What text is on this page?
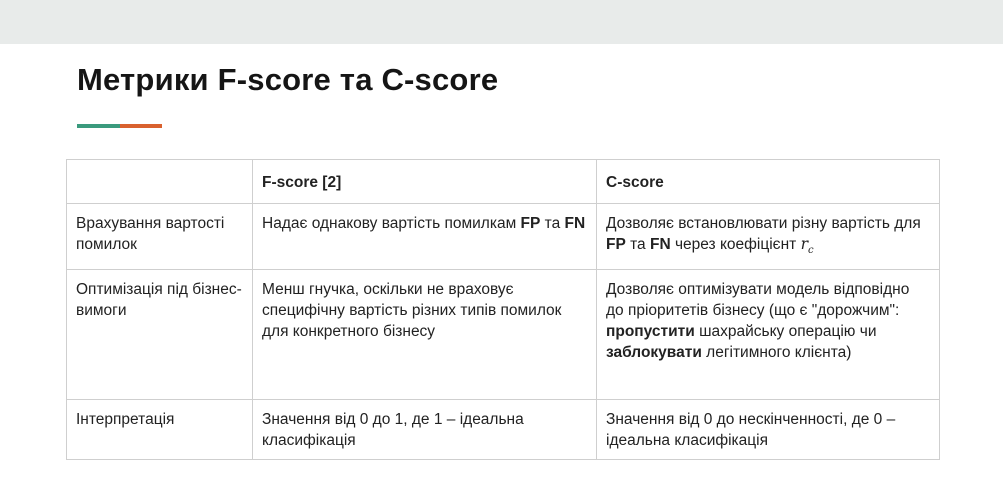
Метрики F-score та С-score
	F-score [2]	C-score
Врахування вартості помилок	Надає однакову вартість помилкам FP та FN	Дозволяє встановлювати різну вартість для FP та FN через коефіцієнт $r_c$
Оптимізація під бізнес-вимоги	Менш гнучка, оскільки не враховує специфічну вартість різних типів помилок для конкретного бізнесу	Дозволяє оптимізувати модель відповідно до пріоритетів бізнесу (що є "дорожчим": пропустити шахрайську операцію чи заблокувати легітимного клієнта)
Інтерпретація	Значення від 0 до 1, де 1 – ідеальна класифікація	Значення від 0 до нескінченності, де 0 – ідеальна класифікація
